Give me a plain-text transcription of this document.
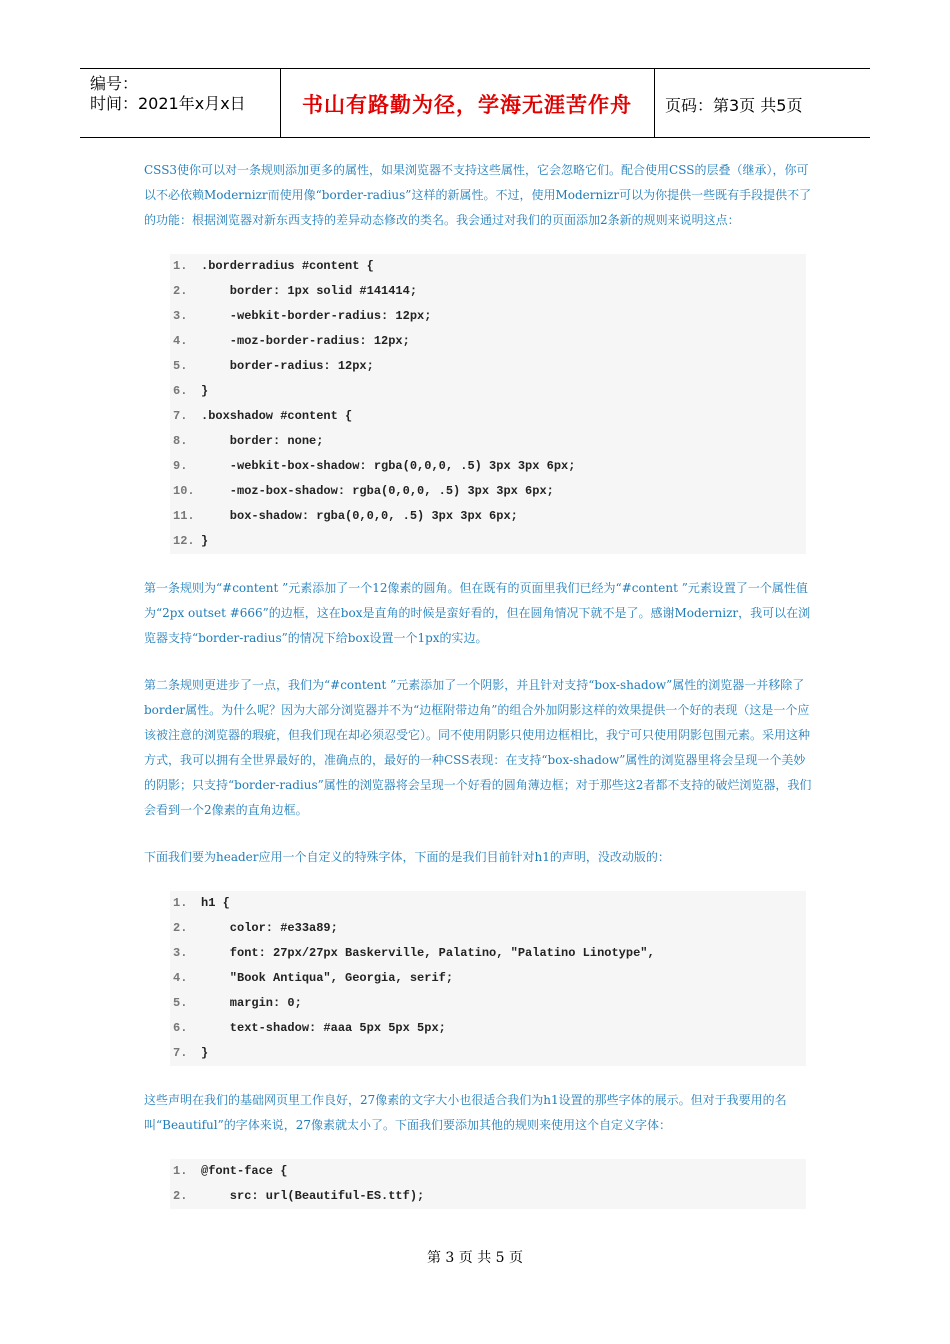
编号：
时间：2021年x月x日	书山有路勤为径，学海无涯苦作舟	页码：第3页 共5页

CSS3使你可以对一条规则添加更多的属性，如果浏览器不支持这些属性，它会忽略它们。配合使用CSS的层叠（继承），你可以不必依赖Modernizr而使用像“border-radius”这样的新属性。不过，使用Modernizr可以为你提供一些既有手段提供不了的功能：根据浏览器对新东西支持的差异动态修改的类名。我会通过对我们的页面添加2条新的规则来说明这点：

1. .borderradius #content {
2. border: 1px solid #141414;
3. -webkit-border-radius: 12px;
4. -moz-border-radius: 12px;
5. border-radius: 12px;
6. }
7. .boxshadow #content {
8. border: none;
9. -webkit-box-shadow: rgba(0,0,0, .5) 3px 3px 6px;
10. -moz-box-shadow: rgba(0,0,0, .5) 3px 3px 6px;
11. box-shadow: rgba(0,0,0, .5) 3px 3px 6px;
12. }

第一条规则为“#content ”元素添加了一个12像素的圆角。但在既有的页面里我们已经为“#content ”元素设置了一个属性值为“2px outset #666”的边框，这在box是直角的时候是蛮好看的，但在圆角情况下就不是了。感谢Modernizr，我可以在浏览器支持“border-radius”的情况下给box设置一个1px的实边。

第二条规则更进步了一点，我们为“#content ”元素添加了一个阴影，并且针对支持“box-shadow”属性的浏览器一并移除了border属性。为什么呢？因为大部分浏览器并不为“边框附带边角”的组合外加阴影这样的效果提供一个好的表现（这是一个应该被注意的浏览器的瑕疵，但我们现在却必须忍受它）。同不使用阴影只使用边框相比，我宁可只使用阴影包围元素。采用这种方式，我可以拥有全世界最好的，准确点的，最好的一种CSS表现：在支持“box-shadow”属性的浏览器里将会呈现一个美妙的阴影；只支持“border-radius”属性的浏览器将会呈现一个好看的圆角薄边框；对于那些这2者都不支持的破烂浏览器，我们会看到一个2像素的直角边框。

下面我们要为header应用一个自定义的特殊字体，下面的是我们目前针对h1的声明，没改动版的：

1. h1 {
2. color: #e33a89;
3. font: 27px/27px Baskerville, Palatino, "Palatino Linotype",
4. "Book Antiqua", Georgia, serif;
5. margin: 0;
6. text-shadow: #aaa 5px 5px 5px;
7. }

这些声明在我们的基础网页里工作良好，27像素的文字大小也很适合我们为h1设置的那些字体的展示。但对于我要用的名叫“Beautiful”的字体来说，27像素就太小了。下面我们要添加其他的规则来使用这个自定义字体：

1. @font-face {
2. src: url(Beautiful-ES.ttf);
第 3 页 共 5 页
